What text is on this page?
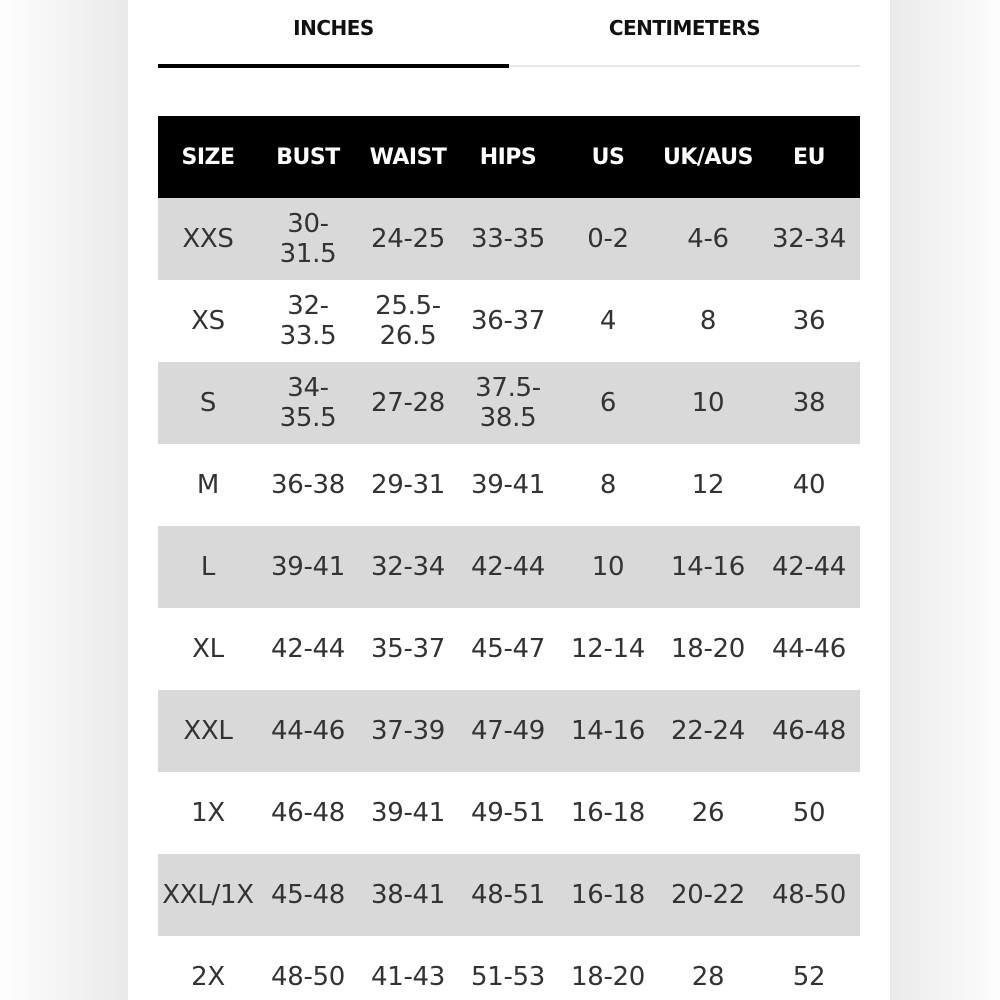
INCHES	CENTIMETERS
SIZE	BUST	WAIST	HIPS	US	UK/AUS	EU
XXS	30-31.5	24-25	33-35	0-2	4-6	32-34
XS	32-33.5	25.5-26.5	36-37	4	8	36
S	34-35.5	27-28	37.5-38.5	6	10	38
M	36-38	29-31	39-41	8	12	40
L	39-41	32-34	42-44	10	14-16	42-44
XL	42-44	35-37	45-47	12-14	18-20	44-46
XXL	44-46	37-39	47-49	14-16	22-24	46-48
1X	46-48	39-41	49-51	16-18	26	50
XXL/1X	45-48	38-41	48-51	16-18	20-22	48-50
2X	48-50	41-43	51-53	18-20	28	52
